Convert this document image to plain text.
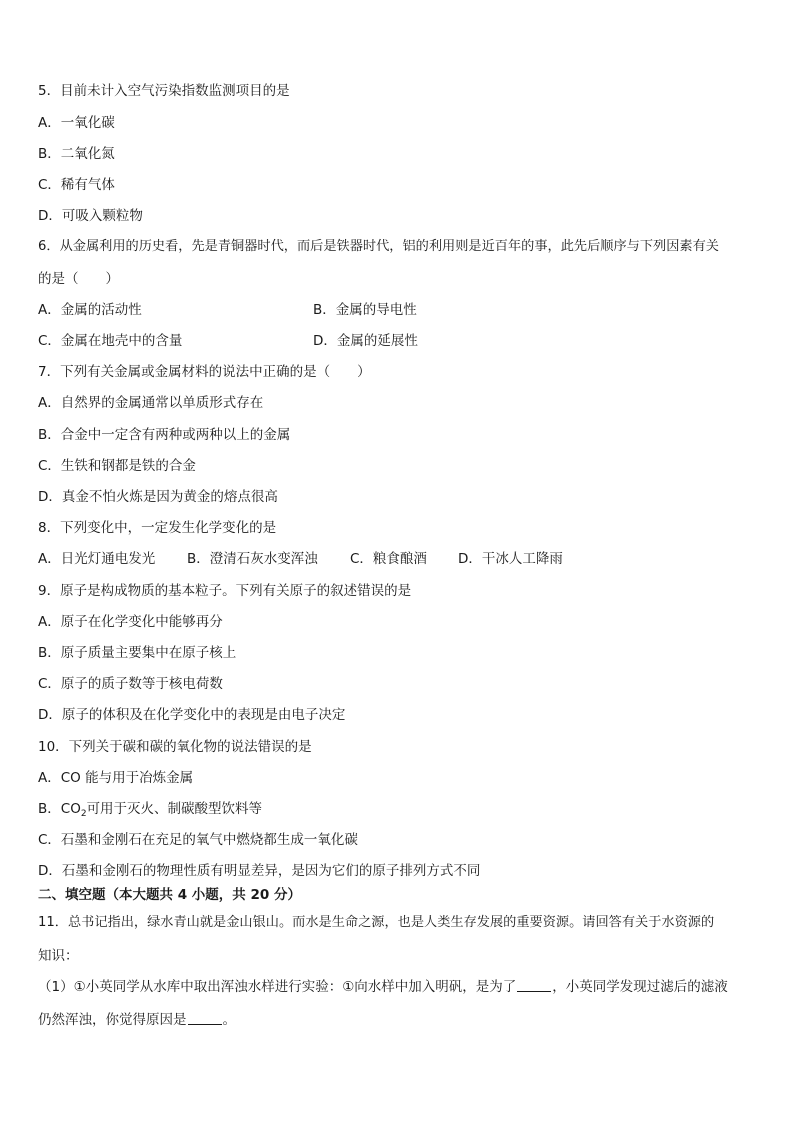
5．目前未计入空气污染指数监测项目的是
A．一氧化碳
B．二氧化氮
C．稀有气体
D．可吸入颗粒物
6．从金属利用的历史看，先是青铜器时代，而后是铁器时代，铝的利用则是近百年的事，此先后顺序与下列因素有关
的是（　　）
A．金属的活动性	B．金属的导电性
C．金属在地壳中的含量	D．金属的延展性
7．下列有关金属或金属材料的说法中正确的是（　　）
A．自然界的金属通常以单质形式存在
B．合金中一定含有两种或两种以上的金属
C．生铁和钢都是铁的合金
D．真金不怕火炼是因为黄金的熔点很高
8．下列变化中，一定发生化学变化的是
A．日光灯通电发光 B．澄清石灰水变浑浊 C．粮食酿酒 D．干冰人工降雨
9．原子是构成物质的基本粒子。下列有关原子的叙述错误的是
A．原子在化学变化中能够再分
B．原子质量主要集中在原子核上
C．原子的质子数等于核电荷数
D．原子的体积及在化学变化中的表现是由电子决定
10．下列关于碳和碳的氧化物的说法错误的是
A．CO 能与用于冶炼金属
B．$CO_2$可用于灭火、制碳酸型饮料等
C．石墨和金刚石在充足的氧气中燃烧都生成一氧化碳
D．石墨和金刚石的物理性质有明显差异，是因为它们的原子排列方式不同
二、填空题（本大题共 4 小题，共 20 分）
11．总书记指出，绿水青山就是金山银山。而水是生命之源，也是人类生存发展的重要资源。请回答有关于水资源的
知识：
（1）①小英同学从水库中取出浑浊水样进行实验：①向水样中加入明矾，是为了	，小英同学发现过滤后的滤液
仍然浑浊，你觉得原因是	。
